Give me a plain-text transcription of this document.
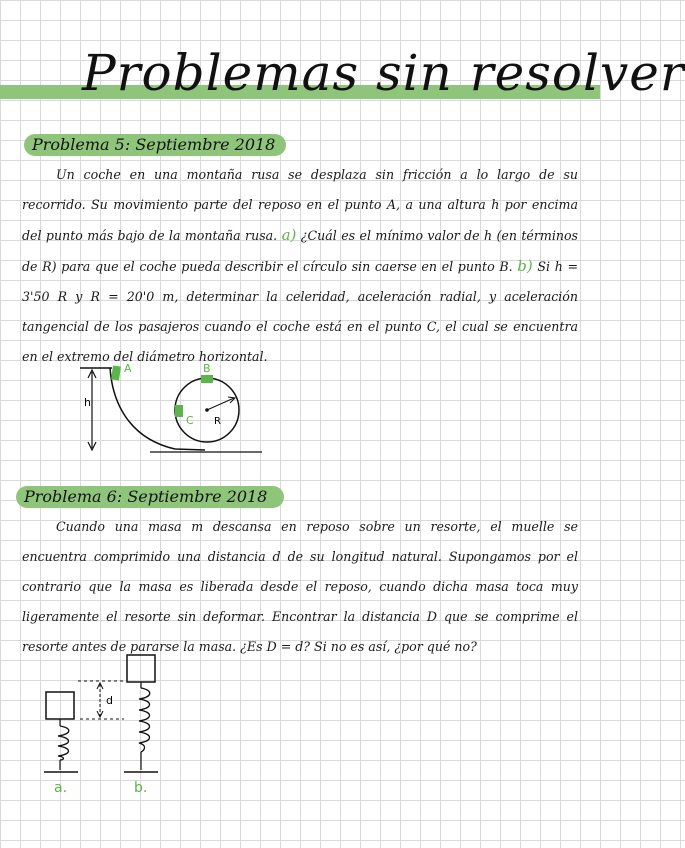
Problemas sin resolver
Problema 5: Septiembre 2018
Un coche en una montaña rusa se desplaza sin fricción a lo largo de su recorrido. Su movimiento parte del reposo en el punto A, a una altura h por encima del punto más bajo de la montaña rusa. a) ¿Cuál es el mínimo valor de h (en términos de R) para que el coche pueda describir el círculo sin caerse en el punto B. b) Si h = 3'50 R y R = 20'0 m, determinar la celeridad, aceleración radial, y aceleración tangencial de los pasajeros cuando el coche está en el punto C, el cual se encuentra en el extremo del diámetro horizontal.
h
R
A	B
C
Problema 6: Septiembre 2018
Cuando una masa m descansa en reposo sobre un resorte, el muelle se encuentra comprimido una distancia d de su longitud natural. Supongamos por el contrario que la masa es liberada desde el reposo, cuando dicha masa toca muy ligeramente el resorte sin deformar. Encontrar la distancia D que se comprime el resorte antes de pararse la masa. ¿Es D = d? Si no es así, ¿por qué no?
a.
d
b.
